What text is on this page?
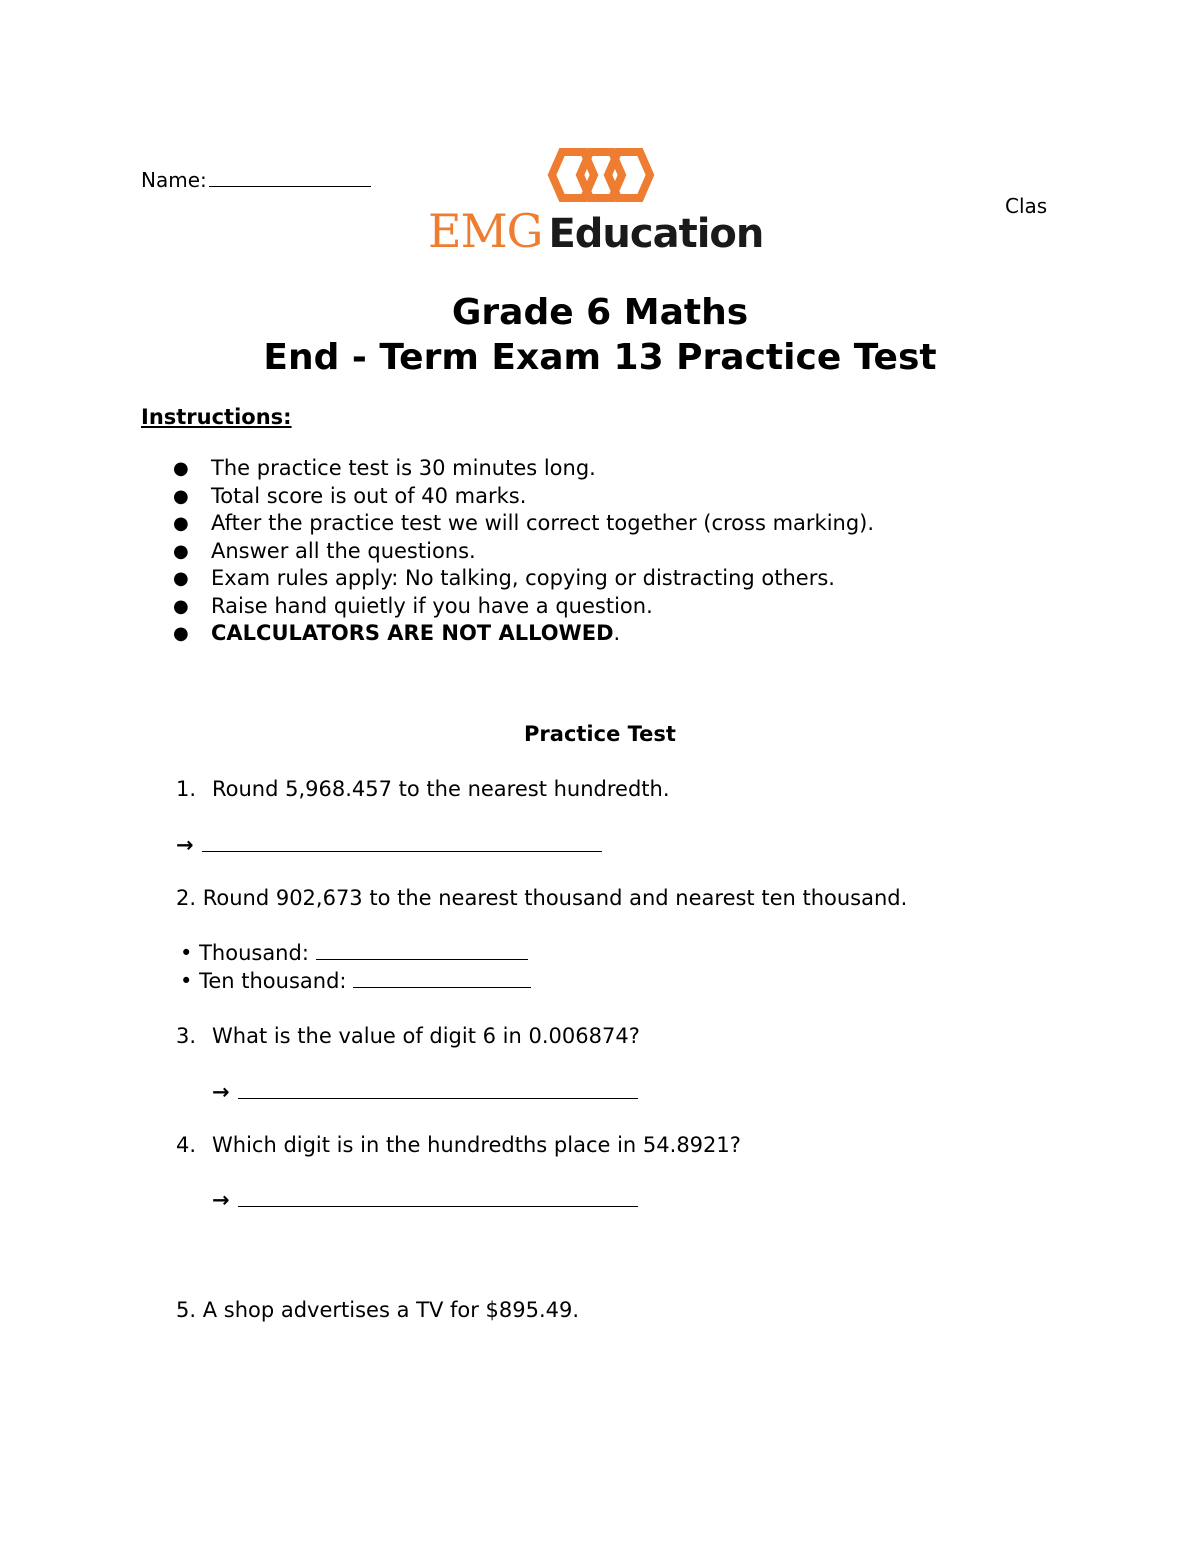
Name:
EMG Education
Clas
Grade 6 Maths
End - Term Exam 13 Practice Test
Instructions:
● The practice test is 30 minutes long.
● Total score is out of 40 marks.
● After the practice test we will correct together (cross marking).
● Answer all the questions.
● Exam rules apply: No talking, copying or distracting others.
● Raise hand quietly if you have a question.
● CALCULATORS ARE NOT ALLOWED.
Practice Test
1. Round 5,968.457 to the nearest hundredth.
→
2. Round 902,673 to the nearest thousand and nearest ten thousand.
• Thousand:
• Ten thousand:
3. What is the value of digit 6 in 0.006874?
→
4. Which digit is in the hundredths place in 54.8921?
→
5. A shop advertises a TV for $895.49.
